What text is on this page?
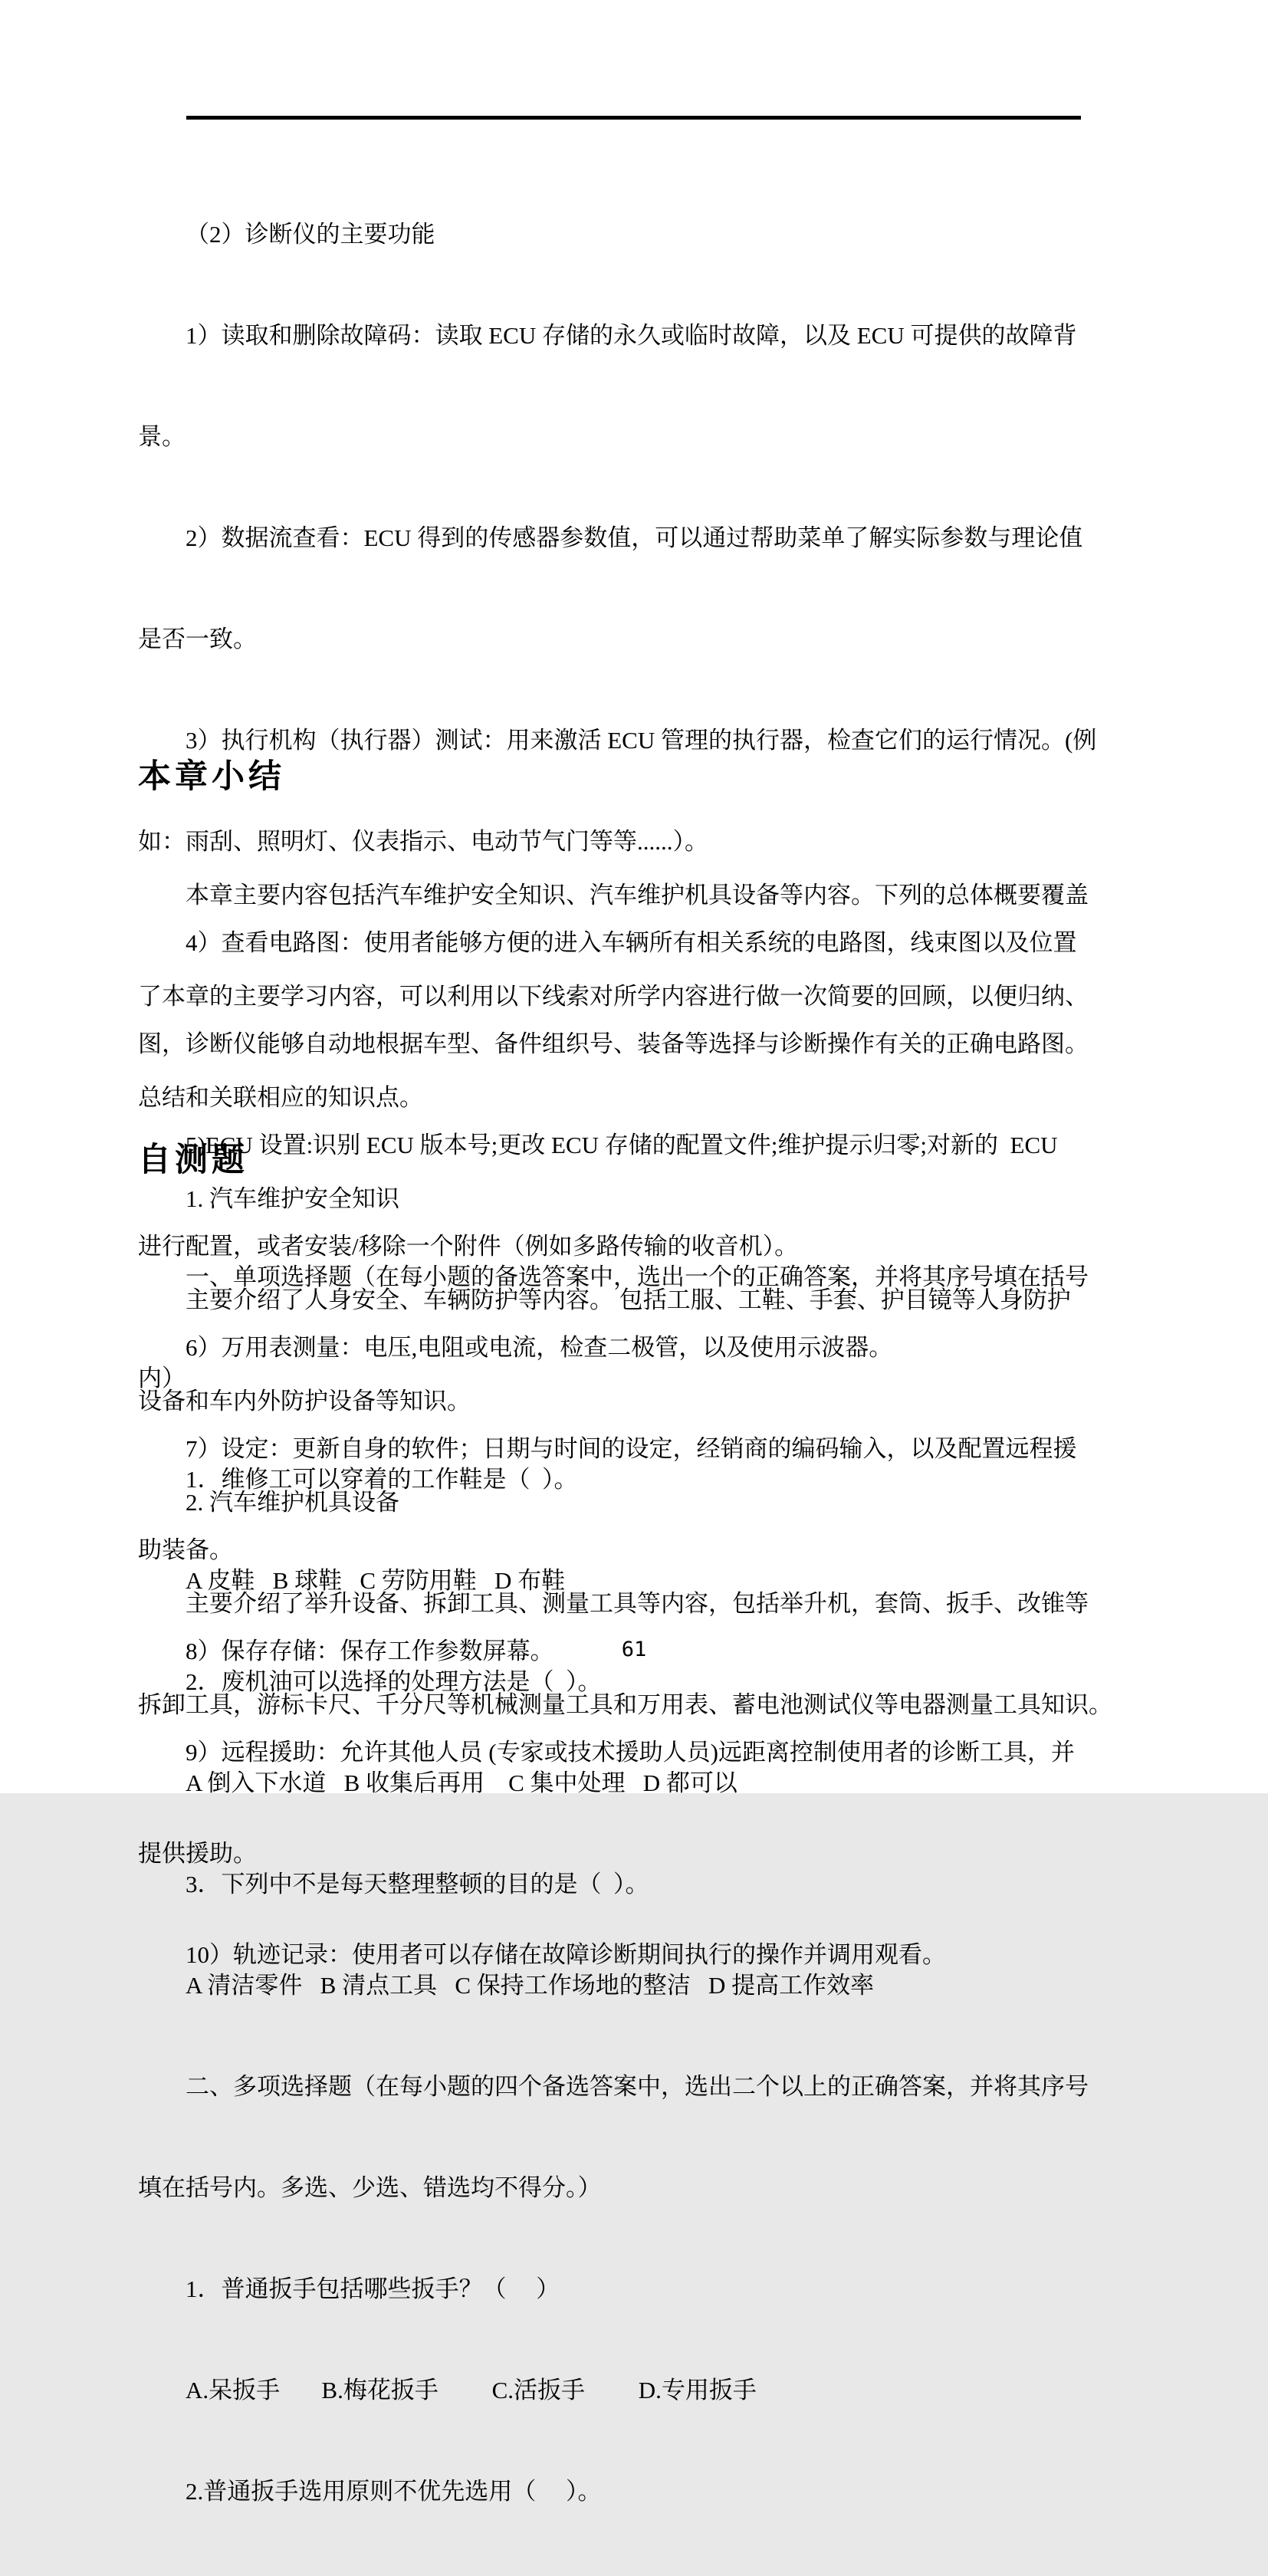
（2）诊断仪的主要功能

1）读取和删除故障码：读取 ECU 存储的永久或临时故障，以及 ECU 可提供的故障背

景。

2）数据流查看：ECU 得到的传感器参数值，可以通过帮助菜单了解实际参数与理论值

是否一致。

3）执行机构（执行器）测试：用来激活 ECU 管理的执行器，检查它们的运行情况。(例

如：雨刮、照明灯、仪表指示、电动节气门等等......）。

4）查看电路图：使用者能够方便的进入车辆所有相关系统的电路图，线束图以及位置

图，诊断仪能够自动地根据车型、备件组织号、装备等选择与诊断操作有关的正确电路图。

5)ECU 设置:识别 ECU 版本号;更改 ECU 存储的配置文件;维护提示归零;对新的  ECU

进行配置，或者安装/移除一个附件（例如多路传输的收音机）。

6）万用表测量：电压,电阻或电流，检查二极管，以及使用示波器。

7）设定：更新自身的软件；日期与时间的设定，经销商的编码输入，以及配置远程援

助装备。

8）保存存储：保存工作参数屏幕。

9）远程援助：允许其他人员 (专家或技术援助人员)远距离控制使用者的诊断工具，并

提供援助。

10）轨迹记录：使用者可以存储在故障诊断期间执行的操作并调用观看。

本章小结

本章主要内容包括汽车维护安全知识、汽车维护机具设备等内容。下列的总体概要覆盖

了本章的主要学习内容，可以利用以下线索对所学内容进行做一次简要的回顾，以便归纳、

总结和关联相应的知识点。

1. 汽车维护安全知识

主要介绍了人身安全、车辆防护等内容。 包括工服、工鞋、手套、护目镜等人身防护

设备和车内外防护设备等知识。

2. 汽车维护机具设备

主要介绍了举升设备、拆卸工具、测量工具等内容，包括举升机，套筒、扳手、改锥等

拆卸工具，游标卡尺、千分尺等机械测量工具和万用表、蓄电池测试仪等电器测量工具知识。

自测题

一、单项选择题（在每小题的备选答案中，选出一个的正确答案，并将其序号填在括号

内）

1．维修工可以穿着的工作鞋是（  ）。

A 皮鞋   B 球鞋   C 劳防用鞋   D 布鞋

2．废机油可以选择的处理方法是（  ）。

A 倒入下水道   B 收集后再用    C 集中处理   D 都可以

3．下列中不是每天整理整顿的目的是（  ）。

A 清洁零件   B 清点工具   C 保持工作场地的整洁   D 提高工作效率

二、多项选择题（在每小题的四个备选答案中，选出二个以上的正确答案，并将其序号

填在括号内。多选、少选、错选均不得分。）

1．普通扳手包括哪些扳手？（     ）

A.呆扳手       B.梅花扳手         C.活扳手         D.专用扳手

2.普通扳手选用原则不优先选用（     ）。

61
